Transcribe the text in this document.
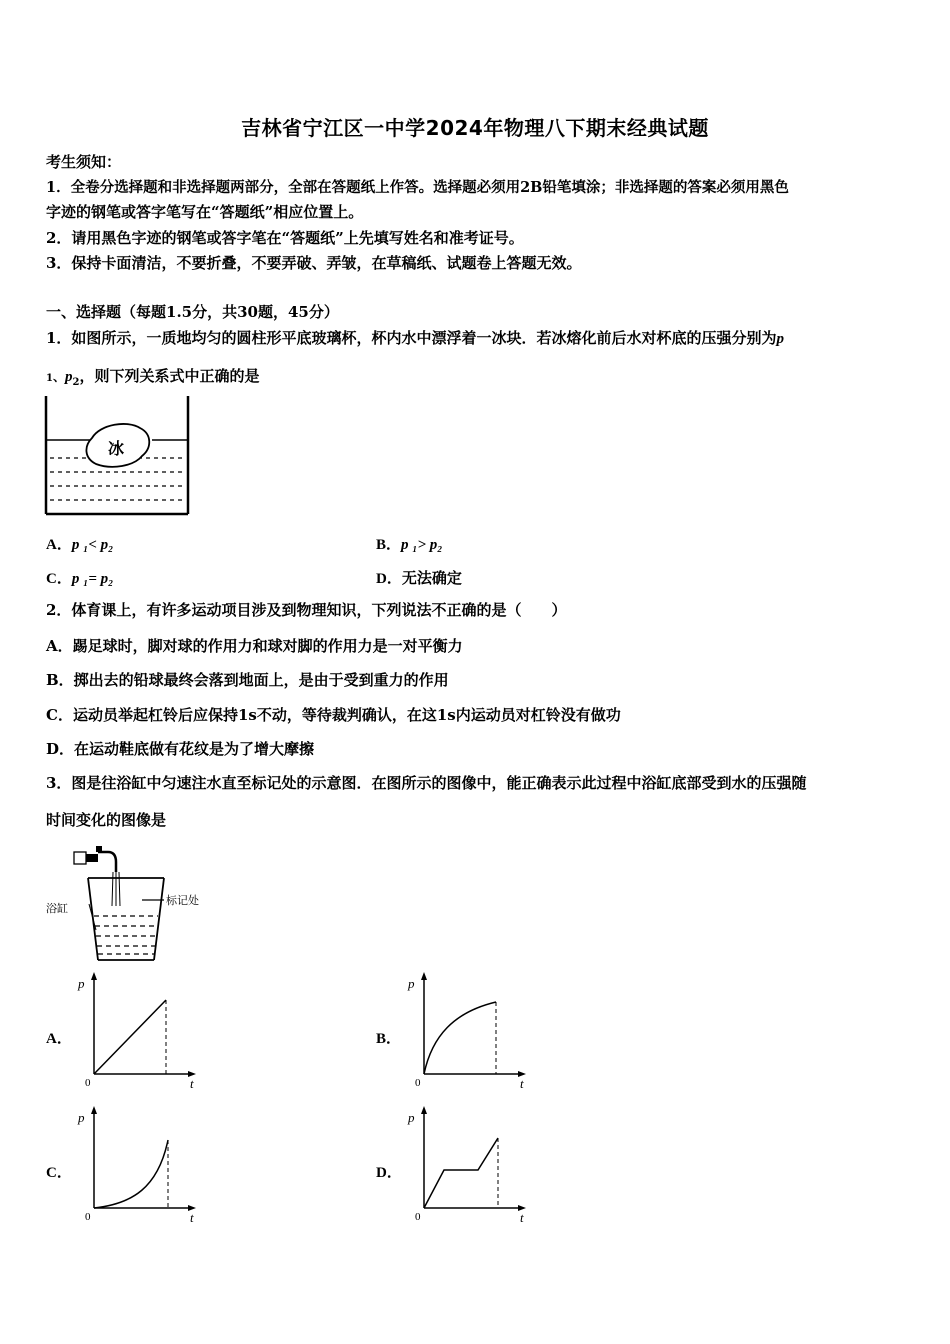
吉林省宁江区一中学2024年物理八下期末经典试题
考生须知：
1．全卷分选择题和非选择题两部分，全部在答题纸上作答。选择题必须用2B铅笔填涂；非选择题的答案必须用黑色
字迹的钢笔或答字笔写在“答题纸”相应位置上。
2．请用黑色字迹的钢笔或答字笔在“答题纸”上先填写姓名和准考证号。
3．保持卡面清洁，不要折叠，不要弄破、弄皱，在草稿纸、试题卷上答题无效。
一、选择题（每题1.5分，共30题，45分）
1．如图所示，一质地均匀的圆柱形平底玻璃杯，杯内水中漂浮着一冰块．若冰熔化前后水对杯底的压强分别为p
1、$p_2$，则下列关系式中正确的是
冰
A．p ₁< p₂	B．p ₁> p₂
C．p ₁= p₂	D．无法确定
2．体育课上，有许多运动项目涉及到物理知识，下列说法不正确的是（　　）
A．踢足球时，脚对球的作用力和球对脚的作用力是一对平衡力
B．掷出去的铅球最终会落到地面上，是由于受到重力的作用
C．运动员举起杠铃后应保持1s不动，等待裁判确认，在这1s内运动员对杠铃没有做功
D．在运动鞋底做有花纹是为了增大摩擦
3．图是往浴缸中匀速注水直至标记处的示意图．在图所示的图像中，能正确表示此过程中浴缸底部受到水的压强随
时间变化的图像是
浴缸
标记处
A．	B．
C．	D．
p
t
0
p
t
0
p
t
0
p
t
0
